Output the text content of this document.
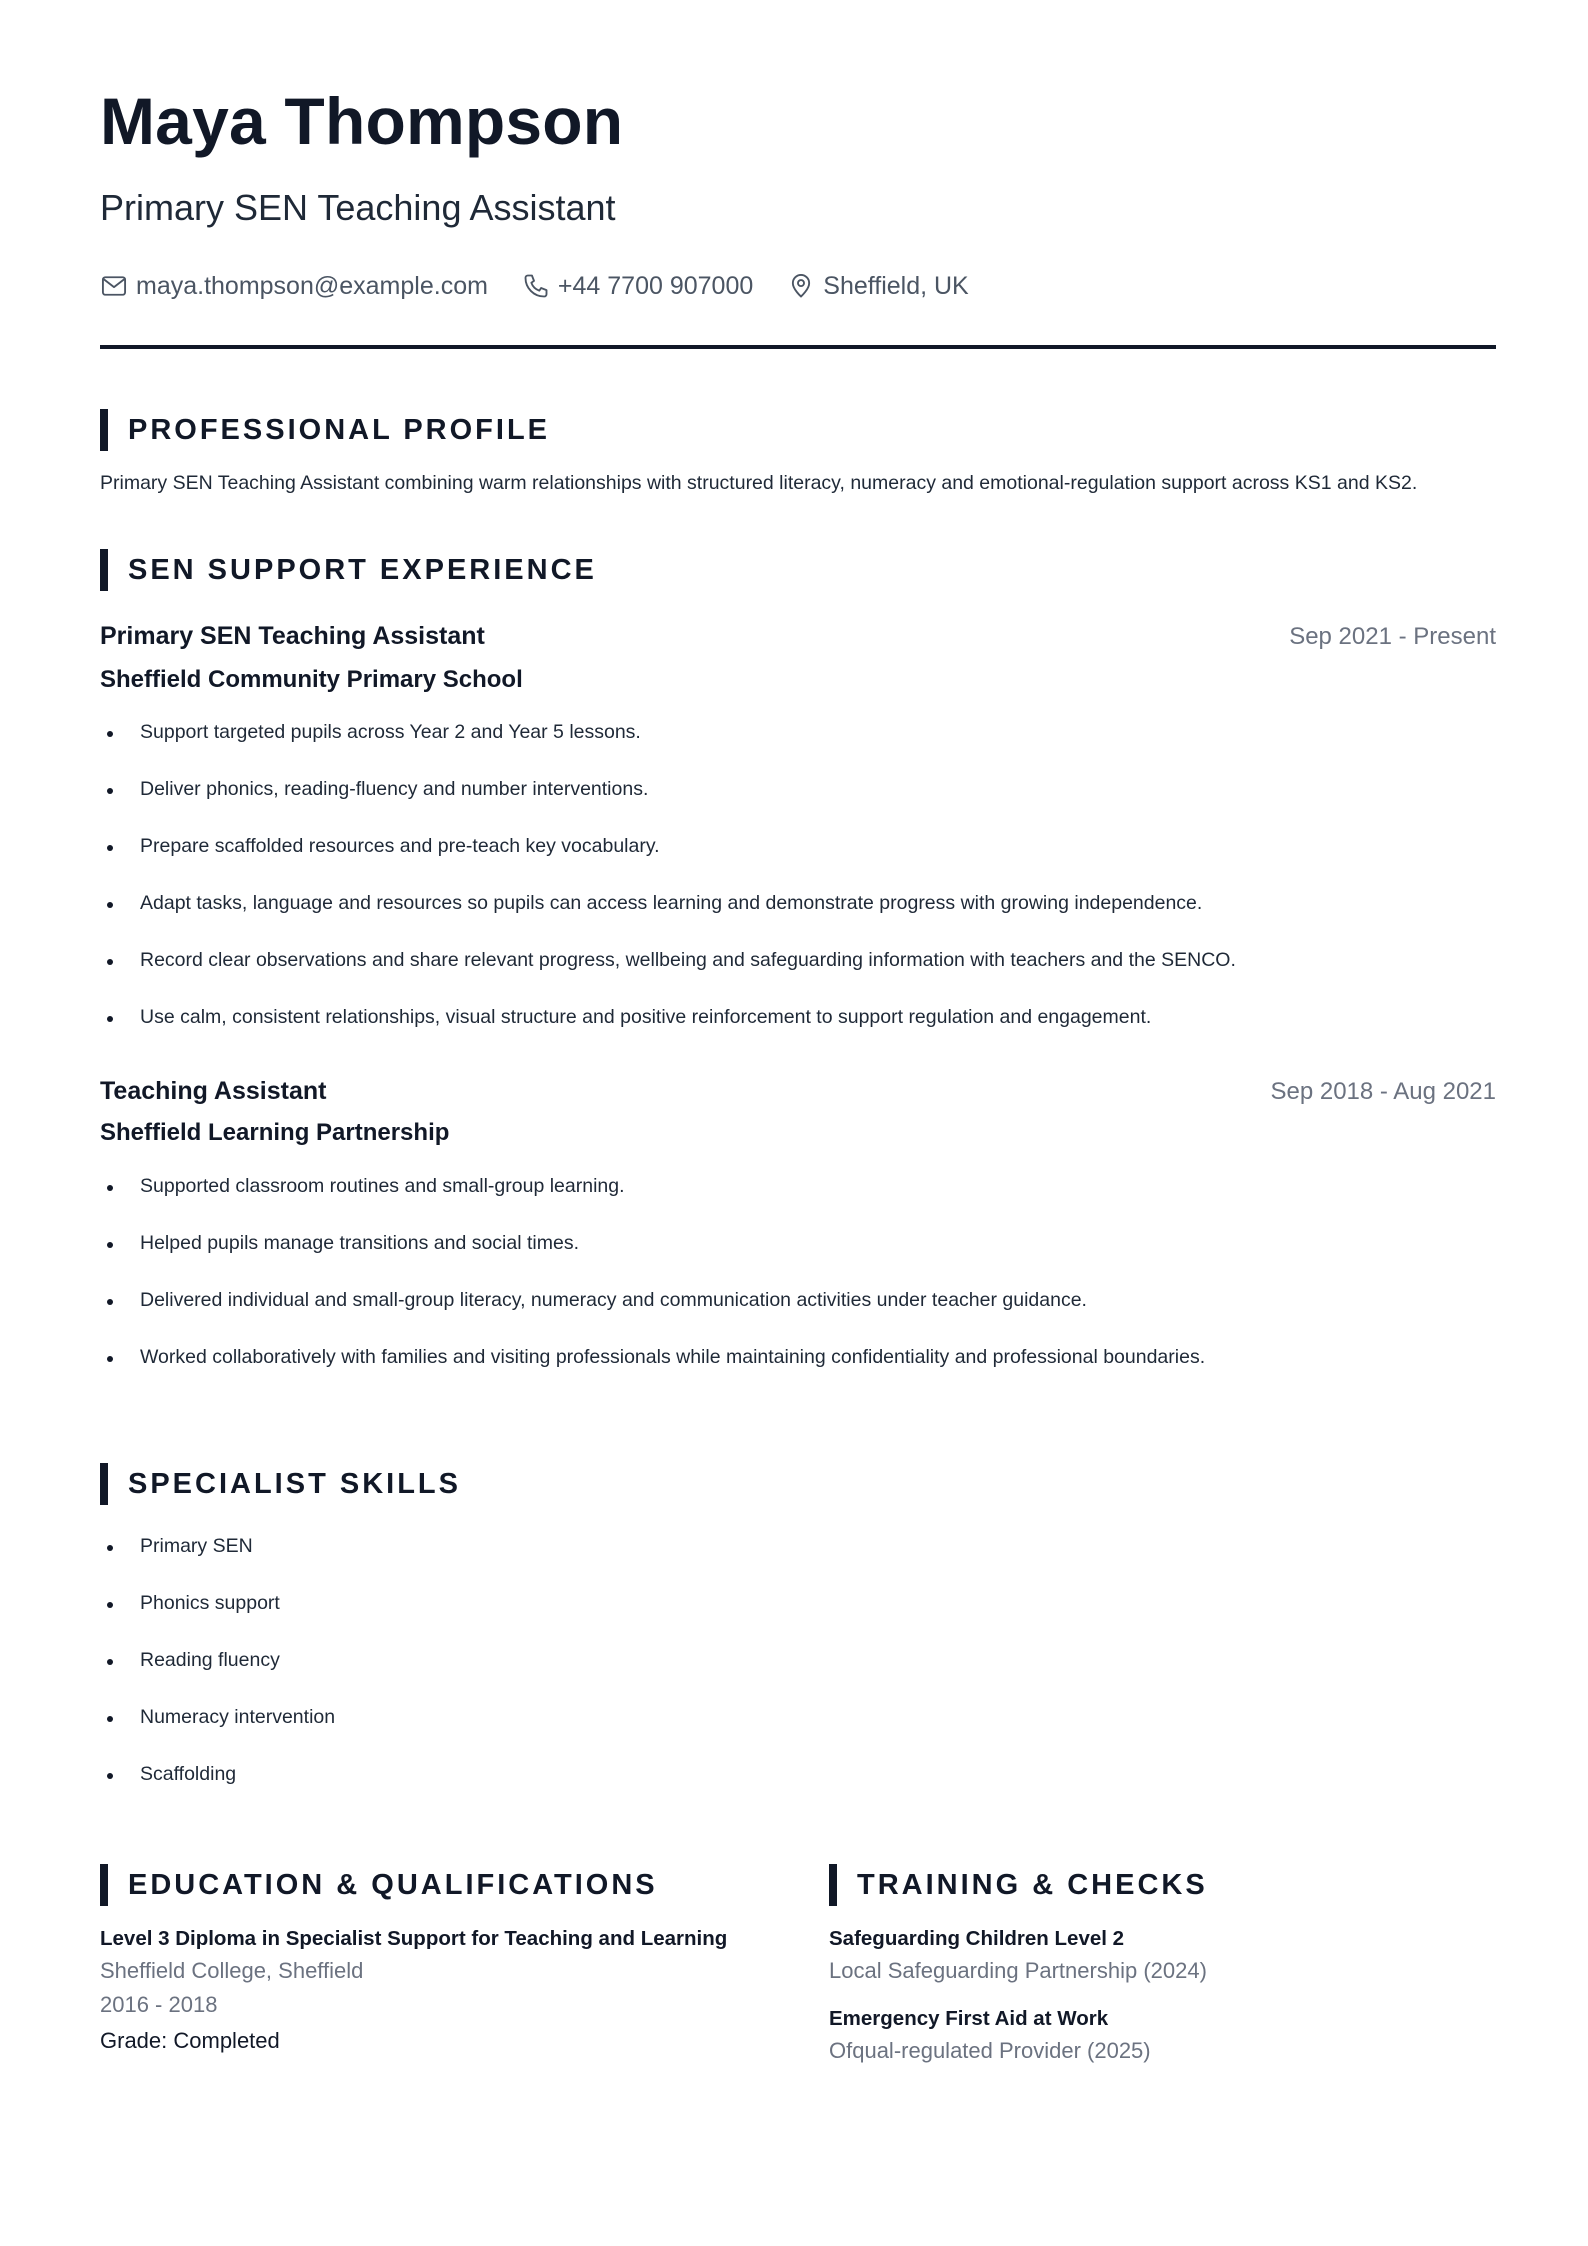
Maya Thompson
Primary SEN Teaching Assistant
maya.thompson@example.com	+44 7700 907000	Sheffield, UK
PROFESSIONAL PROFILE

Primary SEN Teaching Assistant combining warm relationships with structured literacy, numeracy and emotional-regulation support across KS1 and KS2.

SEN SUPPORT EXPERIENCE
Primary SEN Teaching Assistant	Sep 2021 - Present
Sheffield Community Primary School
Support targeted pupils across Year 2 and Year 5 lessons.
Deliver phonics, reading-fluency and number interventions.
Prepare scaffolded resources and pre-teach key vocabulary.
Adapt tasks, language and resources so pupils can access learning and demonstrate progress with growing independence.
Record clear observations and share relevant progress, wellbeing and safeguarding information with teachers and the SENCO.
Use calm, consistent relationships, visual structure and positive reinforcement to support regulation and engagement.
Teaching Assistant	Sep 2018 - Aug 2021
Sheffield Learning Partnership
Supported classroom routines and small-group learning.
Helped pupils manage transitions and social times.
Delivered individual and small-group literacy, numeracy and communication activities under teacher guidance.
Worked collaboratively with families and visiting professionals while maintaining confidentiality and professional boundaries.
SPECIALIST SKILLS
Primary SEN
Phonics support
Reading fluency
Numeracy intervention
Scaffolding
EDUCATION & QUALIFICATIONS
Level 3 Diploma in Specialist Support for Teaching and Learning
Sheffield College, Sheffield
2016 - 2018
Grade: Completed
TRAINING & CHECKS
Safeguarding Children Level 2
Local Safeguarding Partnership (2024)
Emergency First Aid at Work
Ofqual-regulated Provider (2025)
